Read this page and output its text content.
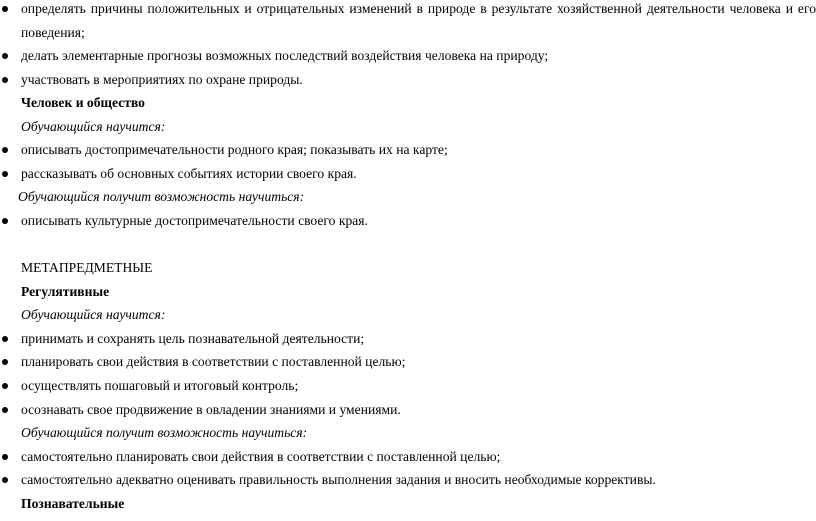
определять причины положительных и отрицательных изменений в природе в результате хозяйственной деятельности человека и его
поведения;
делать элементарные прогнозы возможных последствий воздействия человека на природу;
участвовать в мероприятиях по охране природы.
Человек и общество
Обучающийся научится:
описывать достопримечательности родного края; показывать их на карте;
рассказывать об основных событиях истории своего края.
Обучающийся получит возможность научиться:
описывать культурные достопримечательности своего края.
МЕТАПРЕДМЕТНЫЕ
Регулятивные
Обучающийся научится:
принимать и сохранять цель познавательной деятельности;
планировать свои действия в соответствии с поставленной целью;
осуществлять пошаговый и итоговый контроль;
осознавать свое продвижение в овладении знаниями и умениями.
Обучающийся получит возможность научиться:
самостоятельно планировать свои действия в соответствии с поставленной целью;
самостоятельно адекватно оценивать правильность выполнения задания и вносить необходимые коррективы.
Познавательные
